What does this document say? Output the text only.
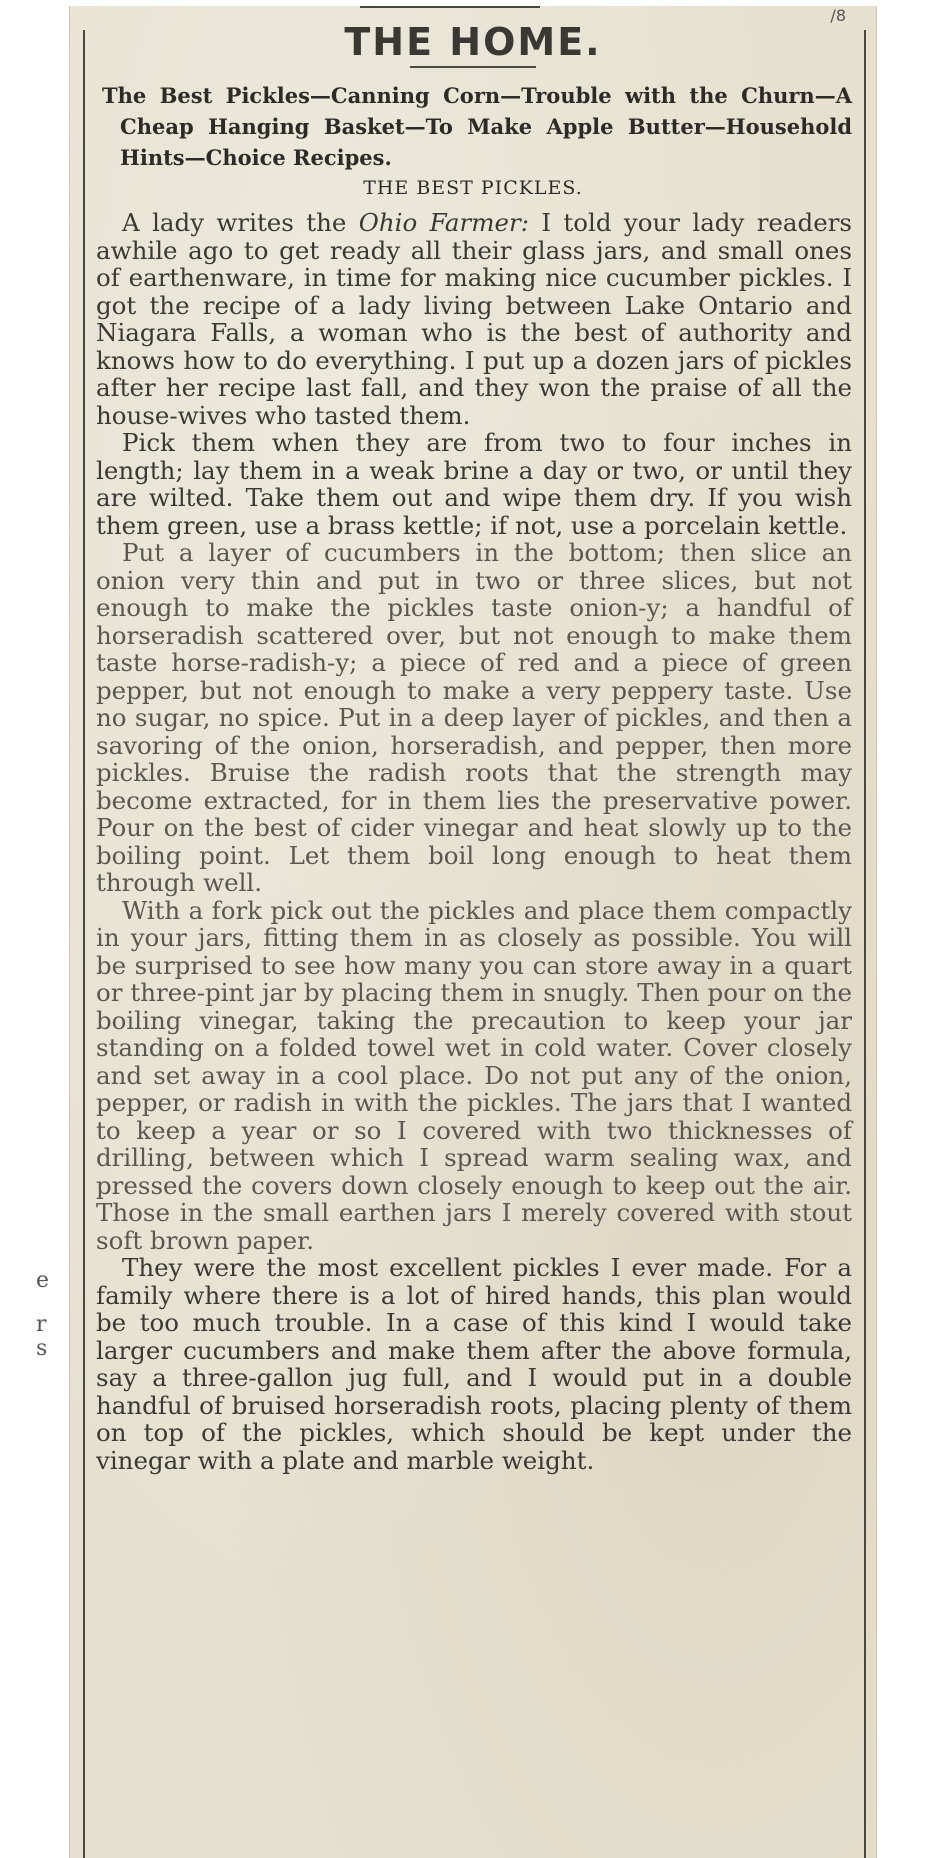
/8
THE HOME.
The Best Pickles—Canning Corn—Trouble with the Churn—A Cheap Hanging Basket—To Make Apple Butter—Household Hints—Choice Recipes.
THE BEST PICKLES.

A lady writes the Ohio Farmer: I told your lady readers awhile ago to get ready all their glass jars, and small ones of earthenware, in time for making nice cucumber pickles. I got the recipe of a lady living between Lake Ontario and Niagara Falls, a woman who is the best of authority and knows how to do everything. I put up a dozen jars of pickles after her recipe last fall, and they won the praise of all the house-wives who tasted them.

Pick them when they are from two to four inches in length; lay them in a weak brine a day or two, or until they are wilted. Take them out and wipe them dry. If you wish them green, use a brass kettle; if not, use a porcelain kettle.

Put a layer of cucumbers in the bottom; then slice an onion very thin and put in two or three slices, but not enough to make the pickles taste onion-y; a handful of horseradish scattered over, but not enough to make them taste horse-radish-y; a piece of red and a piece of green pepper, but not enough to make a very peppery taste. Use no sugar, no spice. Put in a deep layer of pickles, and then a savoring of the onion, horseradish, and pepper, then more pickles. Bruise the radish roots that the strength may become extracted, for in them lies the preservative power. Pour on the best of cider vinegar and heat slowly up to the boiling point. Let them boil long enough to heat them through well.

With a fork pick out the pickles and place them compactly in your jars, fitting them in as closely as possible. You will be surprised to see how many you can store away in a quart or three-pint jar by placing them in snugly. Then pour on the boiling vinegar, taking the precaution to keep your jar standing on a folded towel wet in cold water. Cover closely and set away in a cool place. Do not put any of the onion, pepper, or radish in with the pickles. The jars that I wanted to keep a year or so I covered with two thicknesses of drilling, between which I spread warm sealing wax, and pressed the covers down closely enough to keep out the air. Those in the small earthen jars I merely covered with stout soft brown paper.

They were the most excellent pickles I ever made. For a family where there is a lot of hired hands, this plan would be too much trouble. In a case of this kind I would take larger cucumbers and make them after the above formula, say a three-gallon jug full, and I would put in a double handful of bruised horseradish roots, placing plenty of them on top of the pickles, which should be kept under the vinegar with a plate and marble weight.

e
r
s
